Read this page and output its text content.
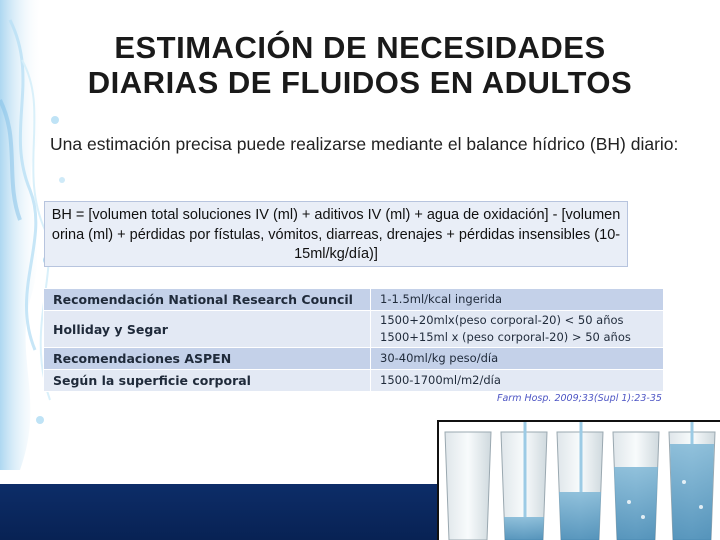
ESTIMACIÓN DE NECESIDADES
DIARIAS DE FLUIDOS EN ADULTOS
Una estimación precisa puede realizarse mediante el balance hídrico (BH) diario:
BH = [volumen total soluciones IV (ml) + aditivos IV (ml) + agua de oxidación] - [volumen orina (ml) + pérdidas por fístulas, vómitos, diarreas, drenajes + pérdidas insensibles (10-15ml/kg/día)]
Recomendación National Research Council	1-1.5ml/kcal ingerida
Holliday y Segar	1500+20mlx(peso corporal-20) < 50 años
1500+15ml x (peso corporal-20) > 50 años

Recomendaciones ASPEN	30-40ml/kg peso/día
Según la superficie corporal	1500-1700ml/m2/día
Farm Hosp. 2009;33(Supl 1):23-35
